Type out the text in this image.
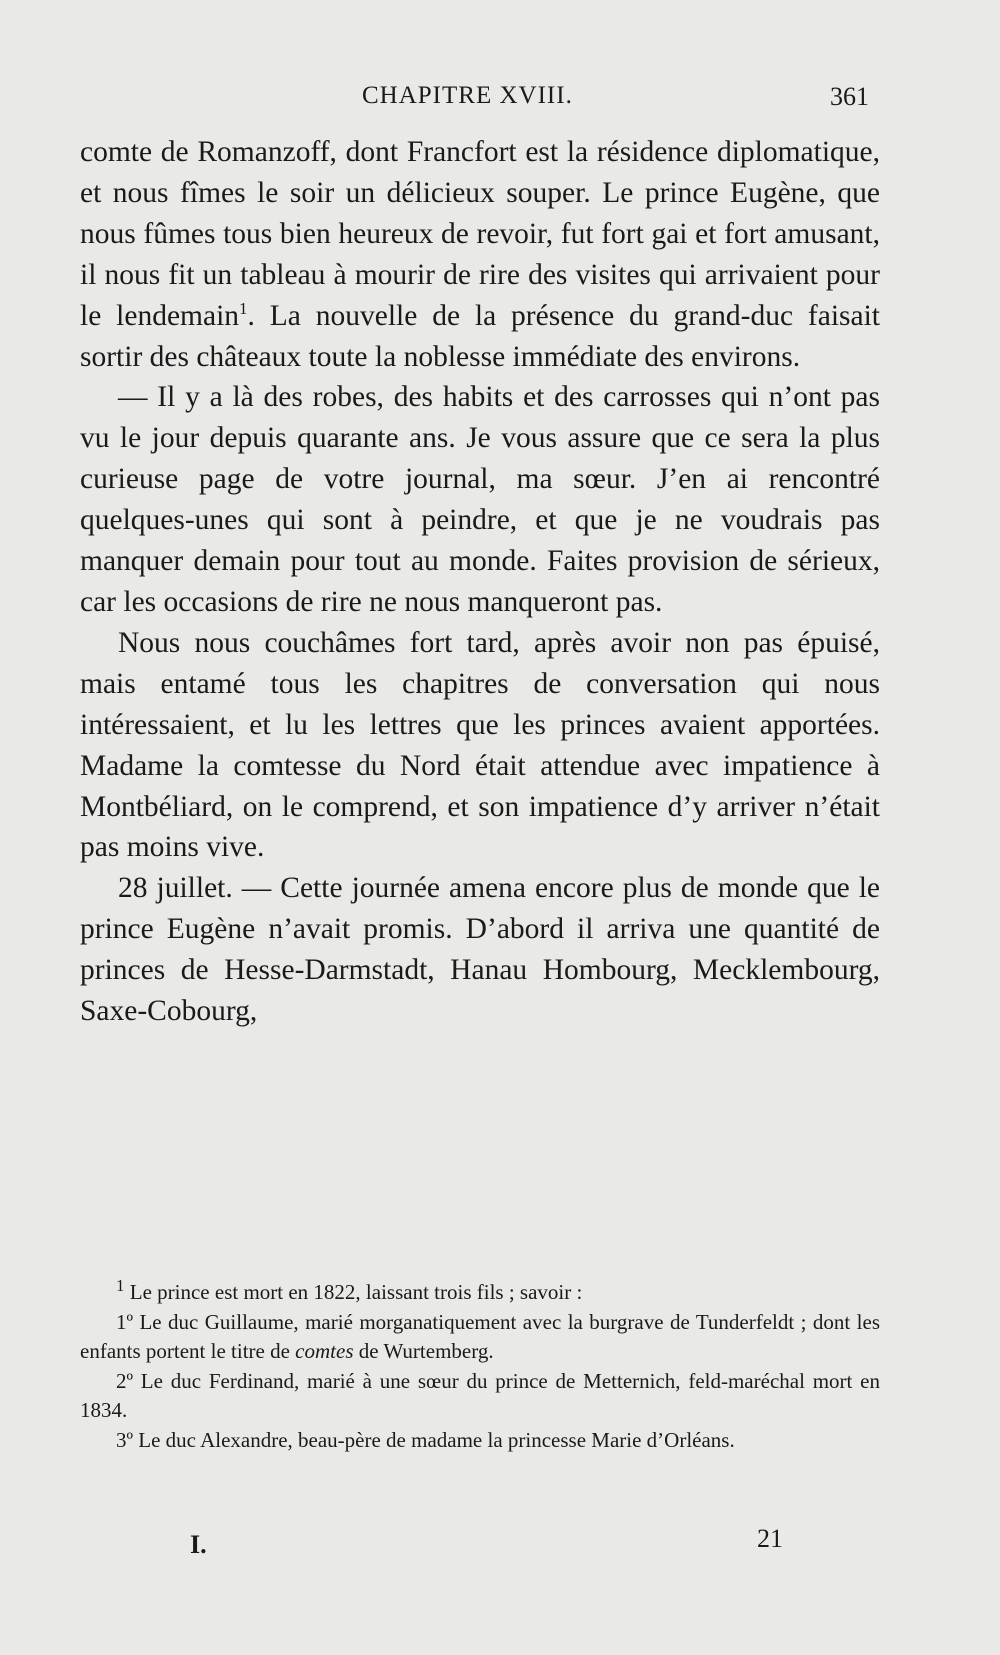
CHAPITRE XVIII.	361

comte de Romanzoff, dont Francfort est la résidence diplomatique, et nous fîmes le soir un délicieux souper. Le prince Eugène, que nous fûmes tous bien heureux de revoir, fut fort gai et fort amusant, il nous fit un tableau à mourir de rire des visites qui arrivaient pour le lendemain$^1$. La nouvelle de la présence du grand-duc faisait sortir des châteaux toute la noblesse immédiate des environs.

— Il y a là des robes, des habits et des carrosses qui n’ont pas vu le jour depuis quarante ans. Je vous assure que ce sera la plus curieuse page de votre journal, ma sœur. J’en ai rencontré quelques-unes qui sont à peindre, et que je ne voudrais pas manquer demain pour tout au monde. Faites provision de sérieux, car les occasions de rire ne nous manqueront pas.

Nous nous couchâmes fort tard, après avoir non pas épuisé, mais entamé tous les chapitres de conversation qui nous intéressaient, et lu les lettres que les princes avaient apportées. Madame la comtesse du Nord était attendue avec impatience à Montbéliard, on le comprend, et son impatience d’y arriver n’était pas moins vive.

28 juillet. — Cette journée amena encore plus de monde que le prince Eugène n’avait promis. D’abord il arriva une quantité de princes de Hesse-Darmstadt, Hanau Hombourg, Mecklembourg, Saxe-Cobourg,

$^1$ Le prince est mort en 1822, laissant trois fils ; savoir :

1º Le duc Guillaume, marié morganatiquement avec la burgrave de Tunderfeldt ; dont les enfants portent le titre de comtes de Wurtemberg.

2º Le duc Ferdinand, marié à une sœur du prince de Metternich, feld-maréchal mort en 1834.

3º Le duc Alexandre, beau-père de madame la princesse Marie d’Orléans.

I.	21
